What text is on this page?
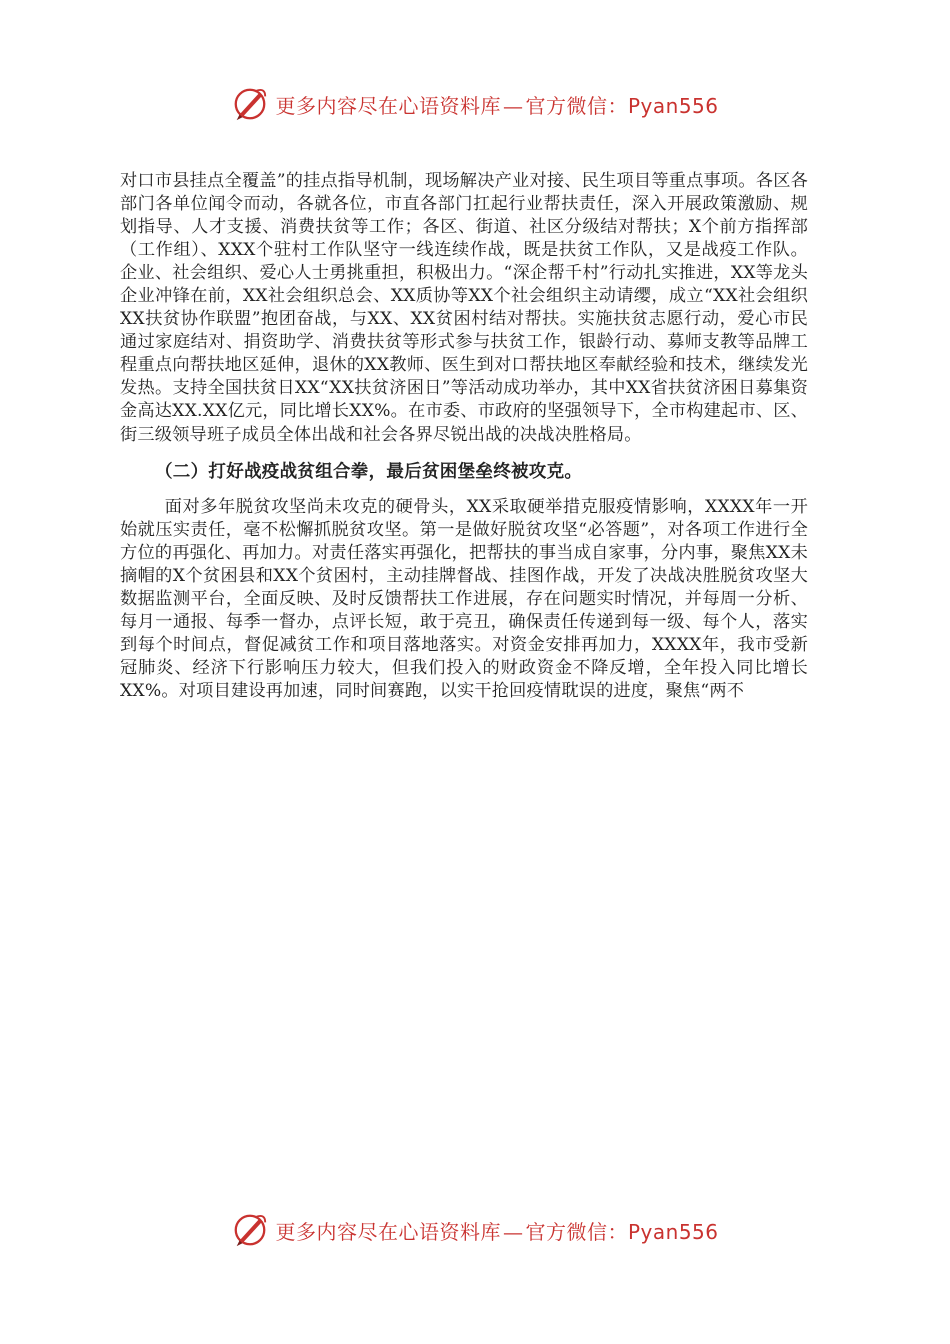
更多内容尽在心语资料库 — 官方微信：Pyan556

对口市县挂点全覆盖”的挂点指导机制，现场解决产业对接、民生项目等重点事项。各区各部门各单位闻令而动，各就各位，市直各部门扛起行业帮扶责任，深入开展政策激励、规划指导、人才支援、消费扶贫等工作；各区、街道、社区分级结对帮扶；X个前方指挥部（工作组）、XXX个驻村工作队坚守一线连续作战，既是扶贫工作队，又是战疫工作队。企业、社会组织、爱心人士勇挑重担，积极出力。“深企帮千村”行动扎实推进，XX等龙头企业冲锋在前，XX社会组织总会、XX质协等XX个社会组织主动请缨，成立“XX社会组织XX扶贫协作联盟”抱团奋战，与XX、XX贫困村结对帮扶。实施扶贫志愿行动，爱心市民通过家庭结对、捐资助学、消费扶贫等形式参与扶贫工作，银龄行动、募师支教等品牌工程重点向帮扶地区延伸，退休的XX教师、医生到对口帮扶地区奉献经验和技术，继续发光发热。支持全国扶贫日XX“XX扶贫济困日”等活动成功举办，其中XX省扶贫济困日募集资金高达XX.XX亿元，同比增长XX%。在市委、市政府的坚强领导下，全市构建起市、区、街三级领导班子成员全体出战和社会各界尽锐出战的决战决胜格局。

（二）打好战疫战贫组合拳，最后贫困堡垒终被攻克。

面对多年脱贫攻坚尚未攻克的硬骨头，XX采取硬举措克服疫情影响，XXXX年一开始就压实责任，毫不松懈抓脱贫攻坚。第一是做好脱贫攻坚“必答题”，对各项工作进行全方位的再强化、再加力。对责任落实再强化，把帮扶的事当成自家事，分内事，聚焦XX未摘帽的X个贫困县和XX个贫困村，主动挂牌督战、挂图作战，开发了决战决胜脱贫攻坚大数据监测平台，全面反映、及时反馈帮扶工作进展，存在问题实时情况，并每周一分析、每月一通报、每季一督办，点评长短，敢于亮丑，确保责任传递到每一级、每个人，落实到每个时间点，督促减贫工作和项目落地落实。对资金安排再加力，XXXX年，我市受新冠肺炎、经济下行影响压力较大，但我们投入的财政资金不降反增，全年投入同比增长XX%。对项目建设再加速，同时间赛跑，以实干抢回疫情耽误的进度，聚焦“两不

更多内容尽在心语资料库 — 官方微信：Pyan556
